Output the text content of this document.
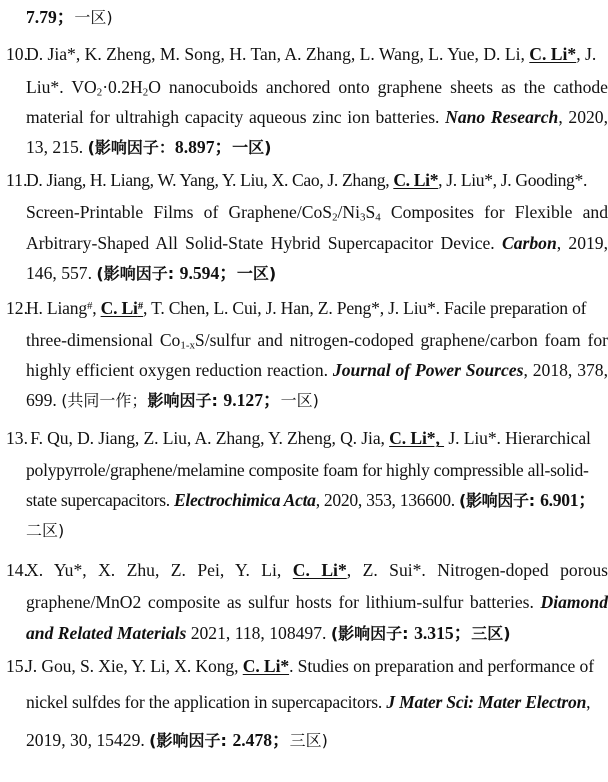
7.79；一区)
10.
D. Jia*, K. Zheng, M. Song, H. Tan, A. Zhang, L. Wang, L. Yue, D. Li, C. Li*, J.
Liu*. $VO_2\cdot 0.2H_2O$ nanocuboids anchored onto graphene sheets as the cathode
material for ultrahigh capacity aqueous zinc ion batteries. Nano Research, 2020,
13, 215. (影响因子：8.897；一区)
11.
D. Jiang, H. Liang, W. Yang, Y. Liu, X. Cao, J. Zhang, C. Li*, J. Liu*, J. Gooding*.
Screen-Printable Films of Graphene/$CoS_2/Ni_3S_4$ Composites for Flexible and
Arbitrary-Shaped All Solid-State Hybrid Supercapacitor Device. Carbon, 2019,
146, 557. (影响因子: 9.594；一区)
12.
H. Liang#, C. Li#, T. Chen, L. Cui, J. Han, Z. Peng*, J. Liu*. Facile preparation of
three-dimensional $Co_{1-x}S$/sulfur and nitrogen-codoped graphene/carbon foam for
highly efficient oxygen reduction reaction. Journal of Power Sources, 2018, 378,
699. (共同一作；影响因子: 9.127；一区)
13.
F. Qu, D. Jiang, Z. Liu, A. Zhang, Y. Zheng, Q. Jia, C. Li*,  J. Liu*. Hierarchical
polypyrrole/graphene/melamine composite foam for highly compressible all-solid-
state supercapacitors. Electrochimica Acta, 2020, 353, 136600. (影响因子: 6.901；
二区)
14.
X. Yu*, X. Zhu, Z. Pei, Y. Li, C. Li*, Z. Sui*. Nitrogen-doped porous
graphene/MnO2 composite as sulfur hosts for lithium-sulfur batteries. Diamond
and Related Materials 2021, 118, 108497. (影响因子: 3.315；三区)
15.
J. Gou, S. Xie, Y. Li, X. Kong, C. Li*. Studies on preparation and performance of
nickel sulfdes for the application in supercapacitors. J Mater Sci: Mater Electron,
2019, 30, 15429. (影响因子: 2.478；三区)
